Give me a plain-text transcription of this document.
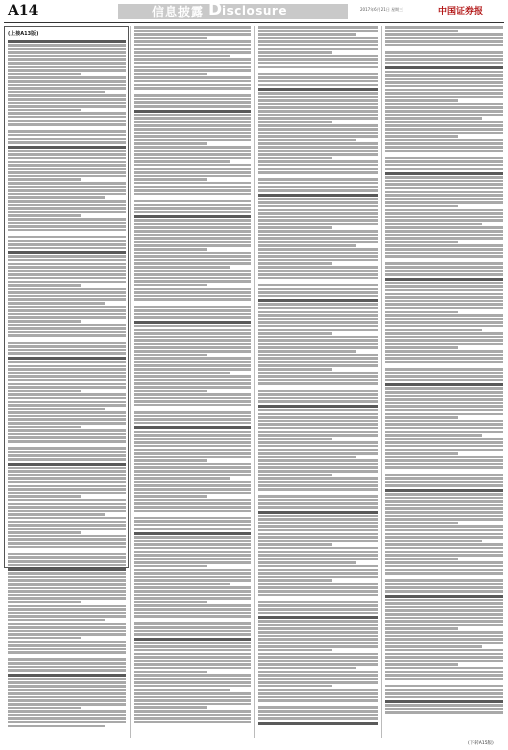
A14	信息披露 D isclosure	2017年6月21日 星期三	中国证券报
(上接A13版)
(下转A15版)
